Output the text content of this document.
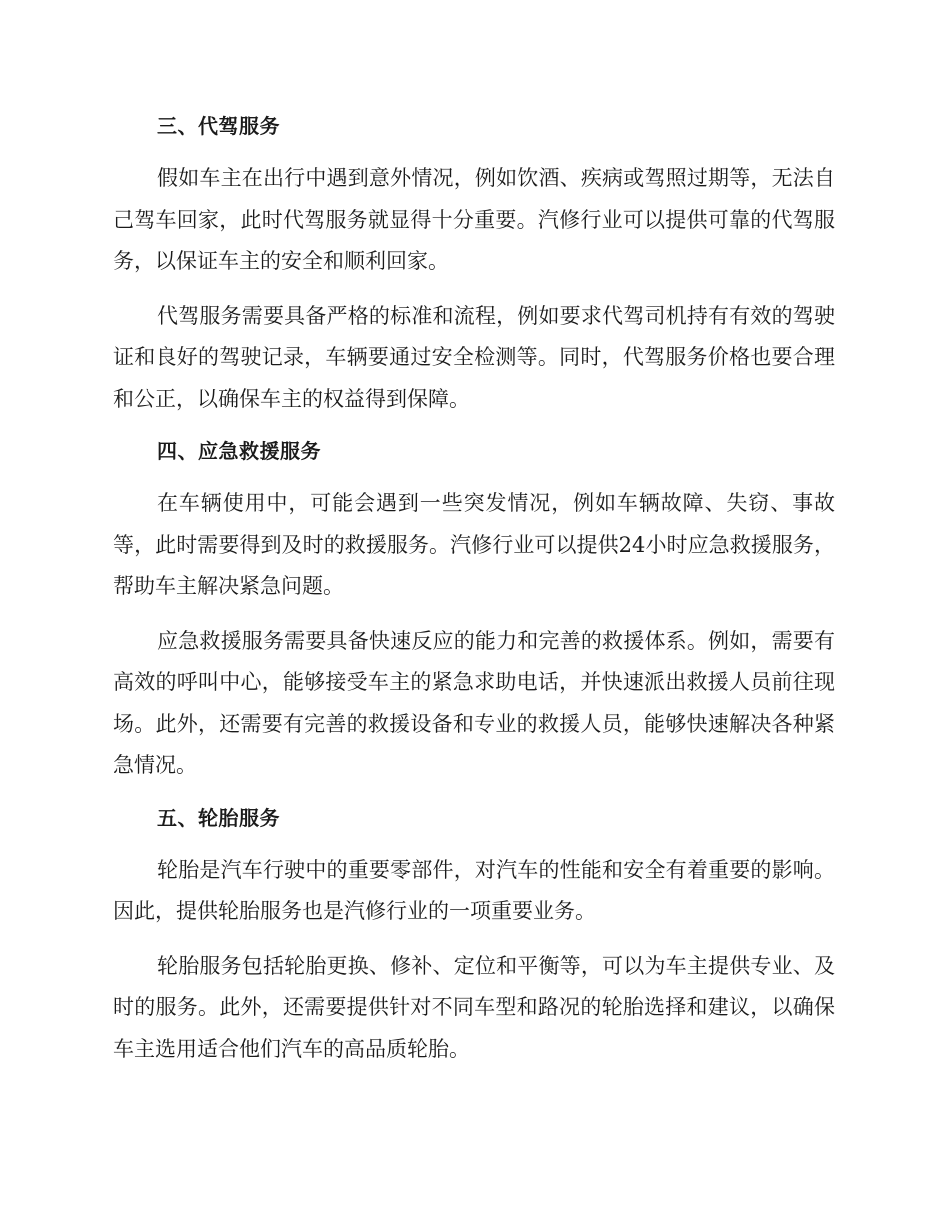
三、代驾服务

假如车主在出行中遇到意外情况，例如饮酒、疾病或驾照过期等，无法自己驾车回家，此时代驾服务就显得十分重要。汽修行业可以提供可靠的代驾服务，以保证车主的安全和顺利回家。

代驾服务需要具备严格的标准和流程，例如要求代驾司机持有有效的驾驶证和良好的驾驶记录，车辆要通过安全检测等。同时，代驾服务价格也要合理和公正，以确保车主的权益得到保障。

四、应急救援服务

在车辆使用中，可能会遇到一些突发情况，例如车辆故障、失窃、事故等，此时需要得到及时的救援服务。汽修行业可以提供24小时应急救援服务，帮助车主解决紧急问题。

应急救援服务需要具备快速反应的能力和完善的救援体系。例如，需要有高效的呼叫中心，能够接受车主的紧急求助电话，并快速派出救援人员前往现场。此外，还需要有完善的救援设备和专业的救援人员，能够快速解决各种紧急情况。

五、轮胎服务

轮胎是汽车行驶中的重要零部件，对汽车的性能和安全有着重要的影响。因此，提供轮胎服务也是汽修行业的一项重要业务。

轮胎服务包括轮胎更换、修补、定位和平衡等，可以为车主提供专业、及时的服务。此外，还需要提供针对不同车型和路况的轮胎选择和建议，以确保车主选用适合他们汽车的高品质轮胎。
